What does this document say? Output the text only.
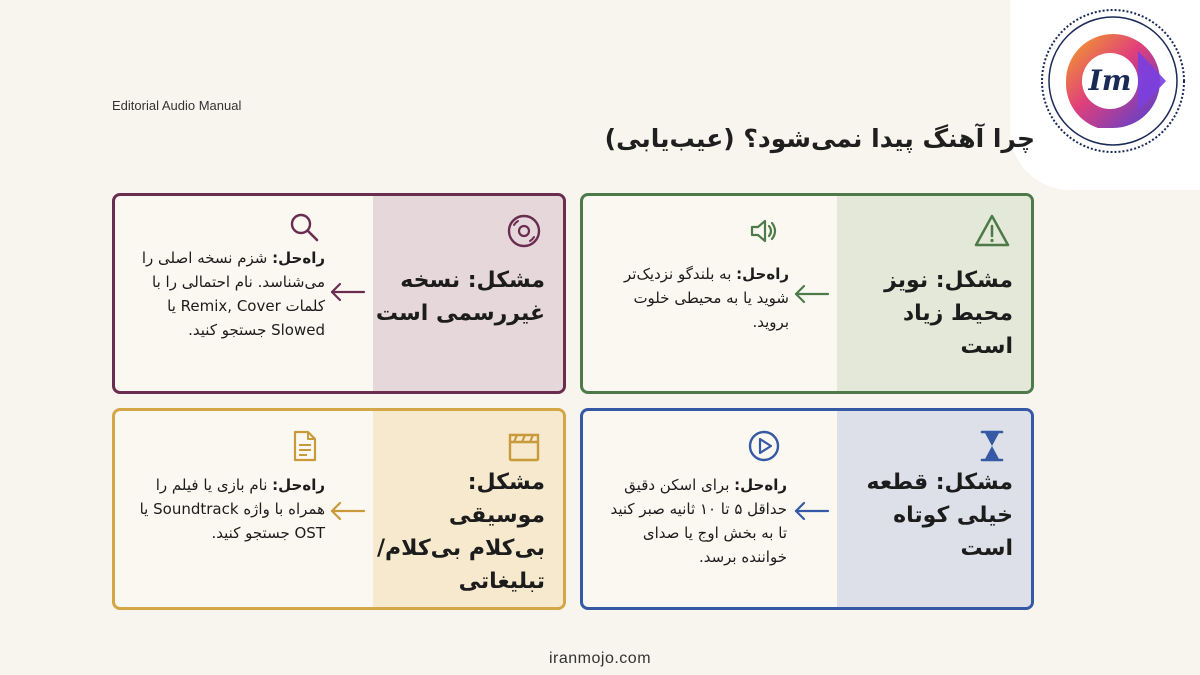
Im
Editorial Audio Manual
چرا آهنگ پیدا نمی‌شود؟ (عیب‌یابی)
مشکل: نویز محیط زیاد است
راه‌حل: به بلندگو نزدیک‌تر شوید یا به محیطی خلوت بروید.
مشکل: نسخه غیررسمی است
راه‌حل: شزم نسخه اصلی را می‌شناسد. نام احتمالی را با کلمات Remix, Cover یا Slowed جستجو کنید.
مشکل: قطعه خیلی کوتاه است
راه‌حل: برای اسکن دقیق حداقل ۵ تا ۱۰ ثانیه صبر کنید تا به بخش اوج یا صدای خواننده برسد.
مشکل: موسیقی بی‌کلام بی‌کلام/تبلیغاتی
راه‌حل: نام بازی یا فیلم را همراه با واژه Soundtrack یا OST جستجو کنید.
iranmojo.com
